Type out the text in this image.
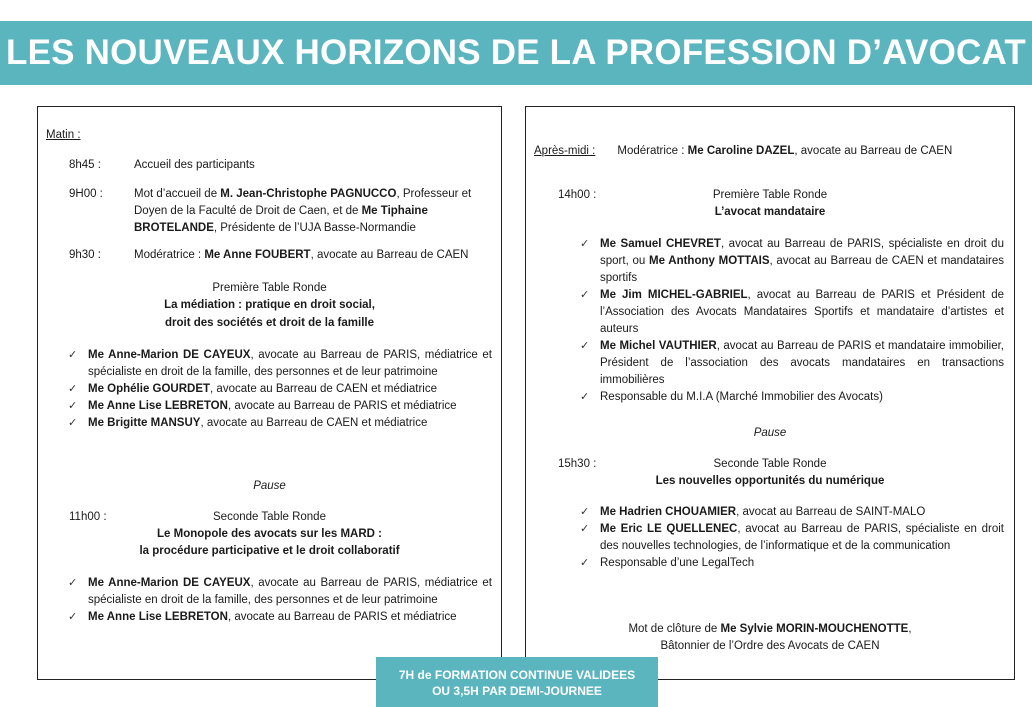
LES NOUVEAUX HORIZONS DE LA PROFESSION D’AVOCAT
Matin :
8h45 :	Accueil des participants
9H00 :	Mot d’accueil de M. Jean-Christophe PAGNUCCO, Professeur et Doyen de la Faculté de Droit de Caen, et de Me Tiphaine BROTELANDE, Présidente de l’UJA Basse-Normandie
9h30 :	Modératrice : Me Anne FOUBERT, avocate au Barreau de CAEN
Première Table Ronde
La médiation : pratique en droit social,
droit des sociétés et droit de la famille
✓ Me Anne-Marion DE CAYEUX, avocate au Barreau de PARIS, médiatrice et spécialiste en droit de la famille, des personnes et de leur patrimoine
✓ Me Ophélie GOURDET, avocate au Barreau de CAEN et médiatrice
✓ Me Anne Lise LEBRETON, avocate au Barreau de PARIS et médiatrice
✓ Me Brigitte MANSUY, avocate au Barreau de CAEN et médiatrice
Pause
11h00 :	Seconde Table Ronde
Le Monopole des avocats sur les MARD :
la procédure participative et le droit collaboratif
✓ Me Anne-Marion DE CAYEUX, avocate au Barreau de PARIS, médiatrice et spécialiste en droit de la famille, des personnes et de leur patrimoine
✓ Me Anne Lise LEBRETON, avocate au Barreau de PARIS et médiatrice
Après-midi : Modératrice : Me Caroline DAZEL, avocate au Barreau de CAEN
14h00 :	Première Table Ronde
L’avocat mandataire
✓ Me Samuel CHEVRET, avocat au Barreau de PARIS, spécialiste en droit du sport, ou Me Anthony MOTTAIS, avocat au Barreau de CAEN et mandataires sportifs
✓ Me Jim MICHEL-GABRIEL, avocat au Barreau de PARIS et Président de l’Association des Avocats Mandataires Sportifs et mandataire d’artistes et auteurs
✓ Me Michel VAUTHIER, avocat au Barreau de PARIS et mandataire immobilier, Président de l’association des avocats mandataires en transactions immobilières
✓ Responsable du M.I.A (Marché Immobilier des Avocats)
Pause
15h30 :	Seconde Table Ronde
Les nouvelles opportunités du numérique
✓ Me Hadrien CHOUAMIER, avocat au Barreau de SAINT-MALO
✓ Me Eric LE QUELLENEC, avocat au Barreau de PARIS, spécialiste en droit des nouvelles technologies, de l’informatique et de la communication
✓ Responsable d’une LegalTech
Mot de clôture de Me Sylvie MORIN-MOUCHENOTTE,
Bâtonnier de l’Ordre des Avocats de CAEN
7H de FORMATION CONTINUE VALIDEES
OU 3,5H PAR DEMI-JOURNEE
